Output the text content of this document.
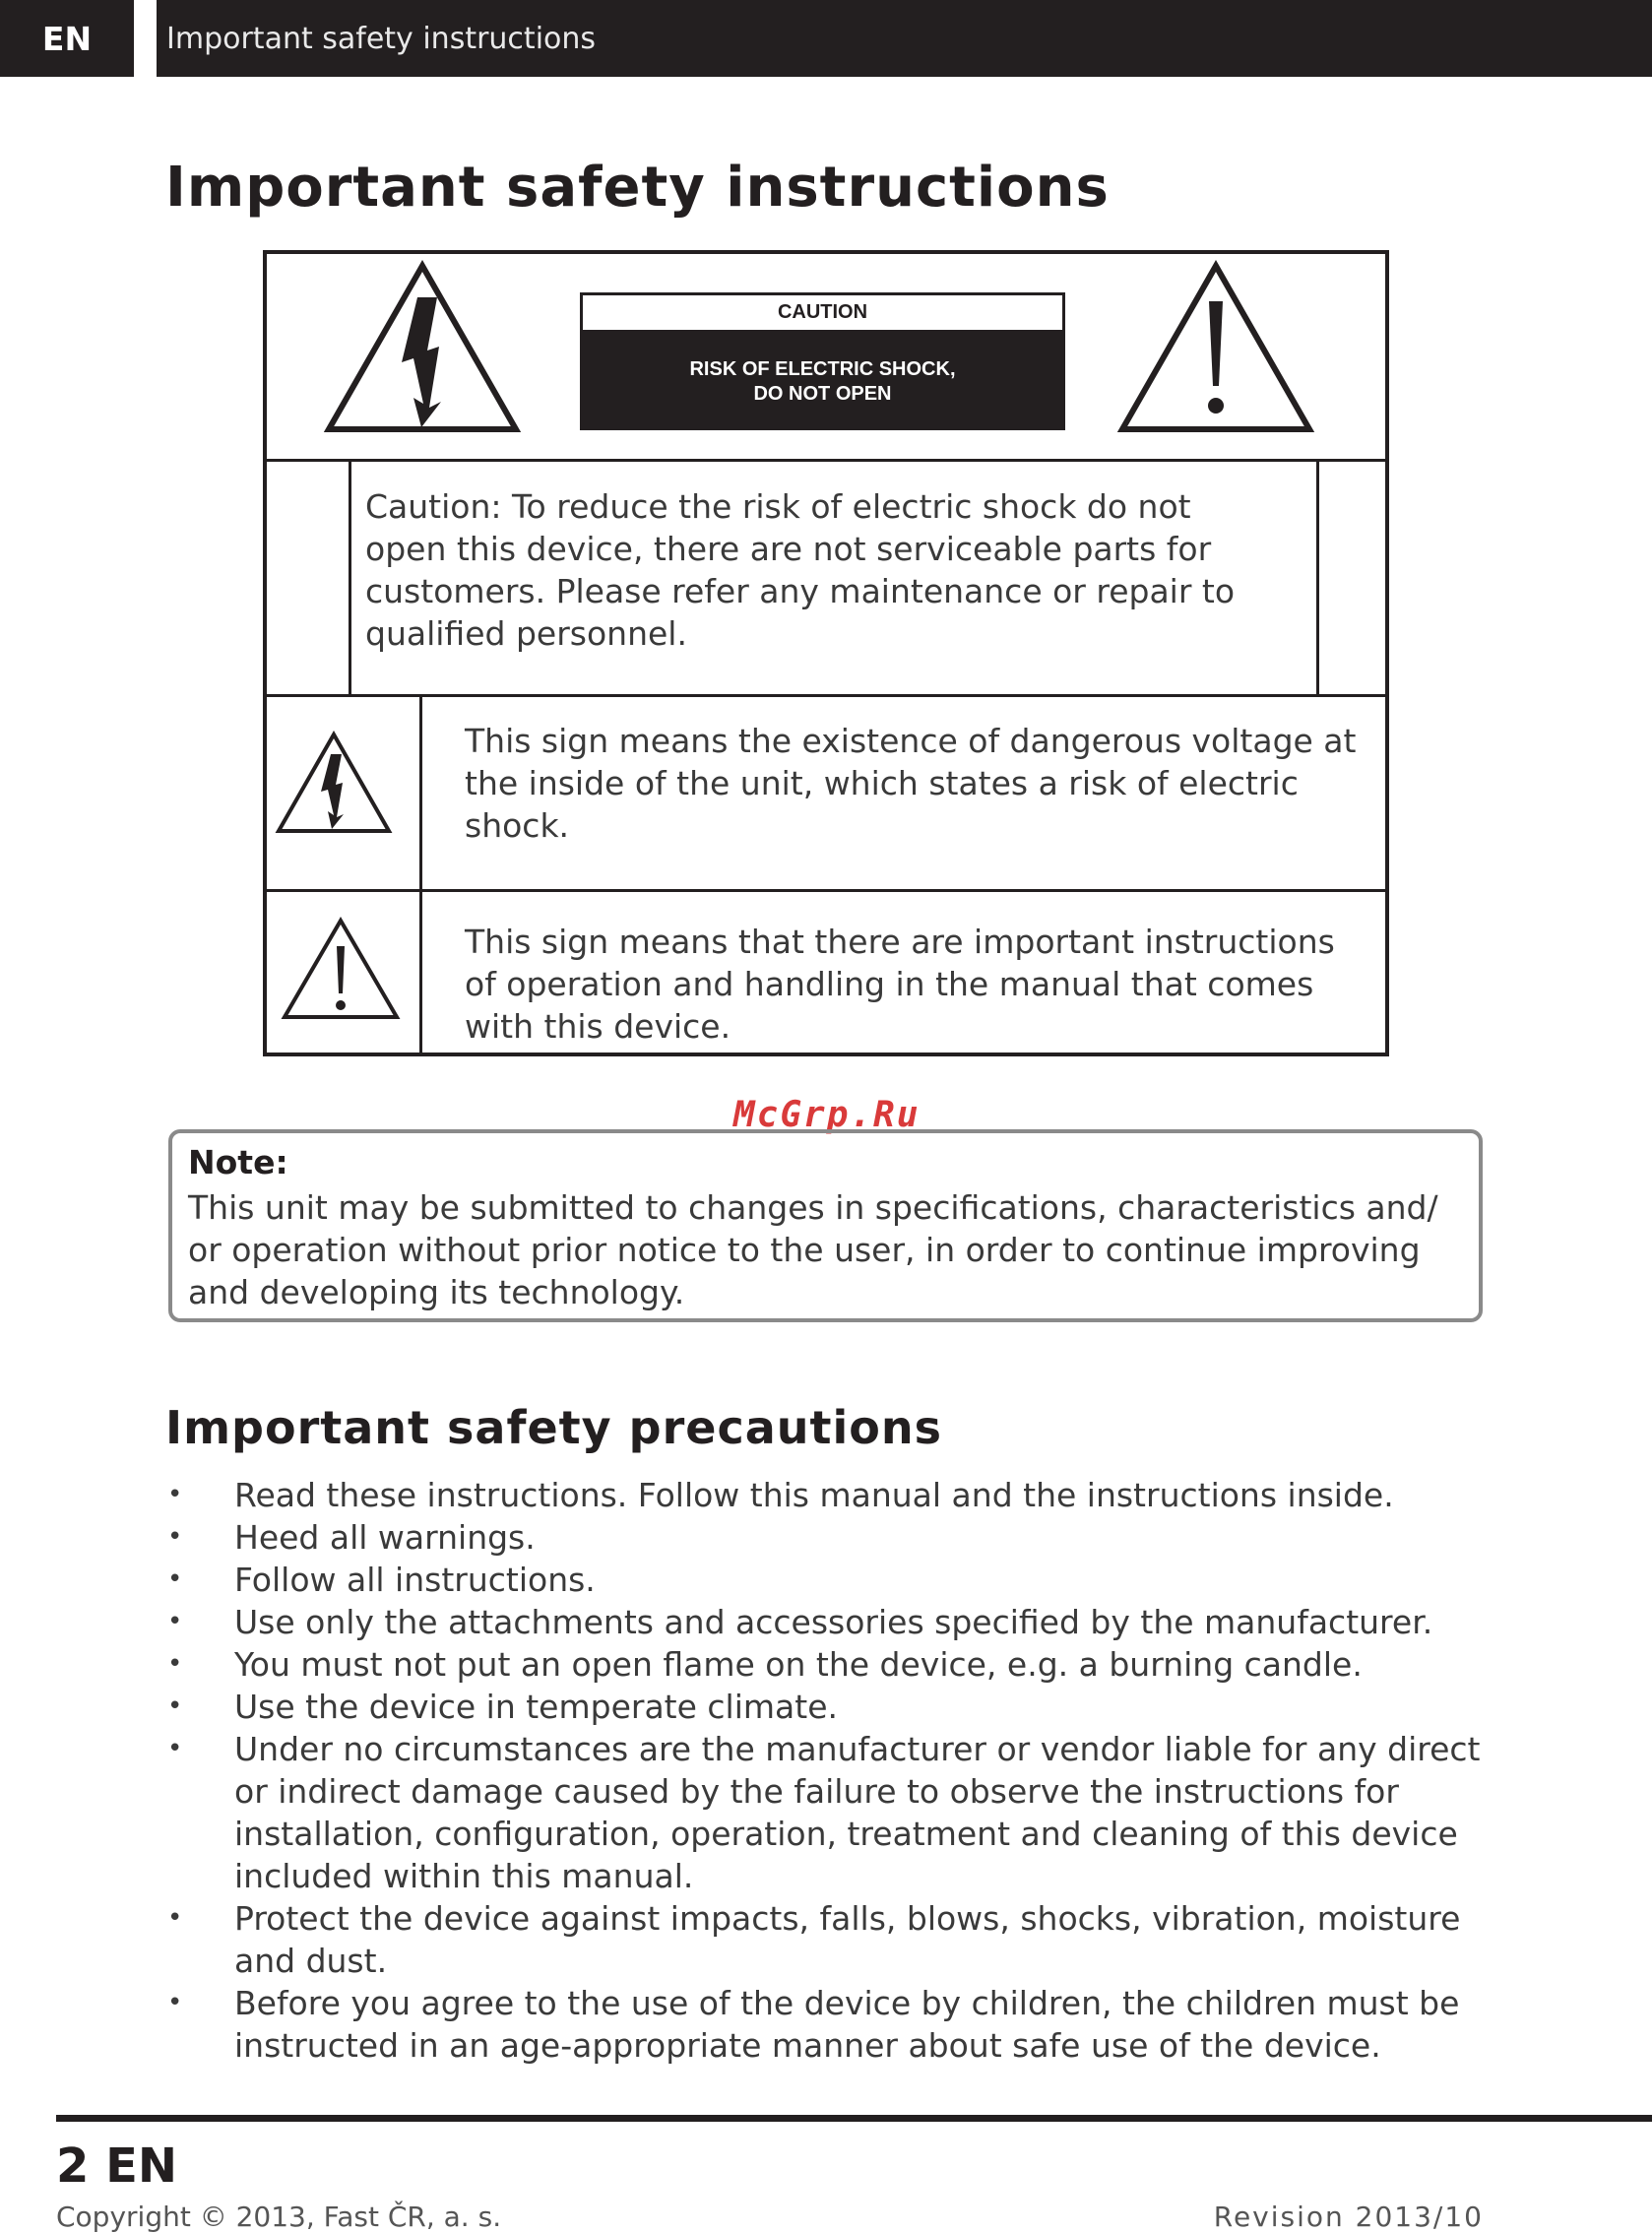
EN	Important safety instructions
Important safety instructions
CAUTION
RISK OF ELECTRIC SHOCK,
DO NOT OPEN
Caution: To reduce the risk of electric shock do not open this device, there are not serviceable parts for customers. Please refer any maintenance or repair to qualified personnel.
This sign means the existence of dangerous voltage at the inside of the unit, which states a risk of electric shock.
This sign means that there are important instructions of operation and handling in the manual that comes with this device.
McGrp.Ru
Note:
This unit may be submitted to changes in specifications, characteristics and/ or operation without prior notice to the user, in order to continue improving and developing its technology.
Important safety precautions
• Read these instructions. Follow this manual and the instructions inside.
• Heed all warnings.
• Follow all instructions.
• Use only the attachments and accessories specified by the manufacturer.
• You must not put an open flame on the device, e.g. a burning candle.
• Use the device in temperate climate.
• Under no circumstances are the manufacturer or vendor liable for any direct or indirect damage caused by the failure to observe the instructions for installation, configuration, operation, treatment and cleaning of this device included within this manual.
• Protect the device against impacts, falls, blows, shocks, vibration, moisture and dust.
• Before you agree to the use of the device by children, the children must be instructed in an age-appropriate manner about safe use of the device.
2 EN
Copyright © 2013, Fast ČR, a. s.	Revision 2013/10
